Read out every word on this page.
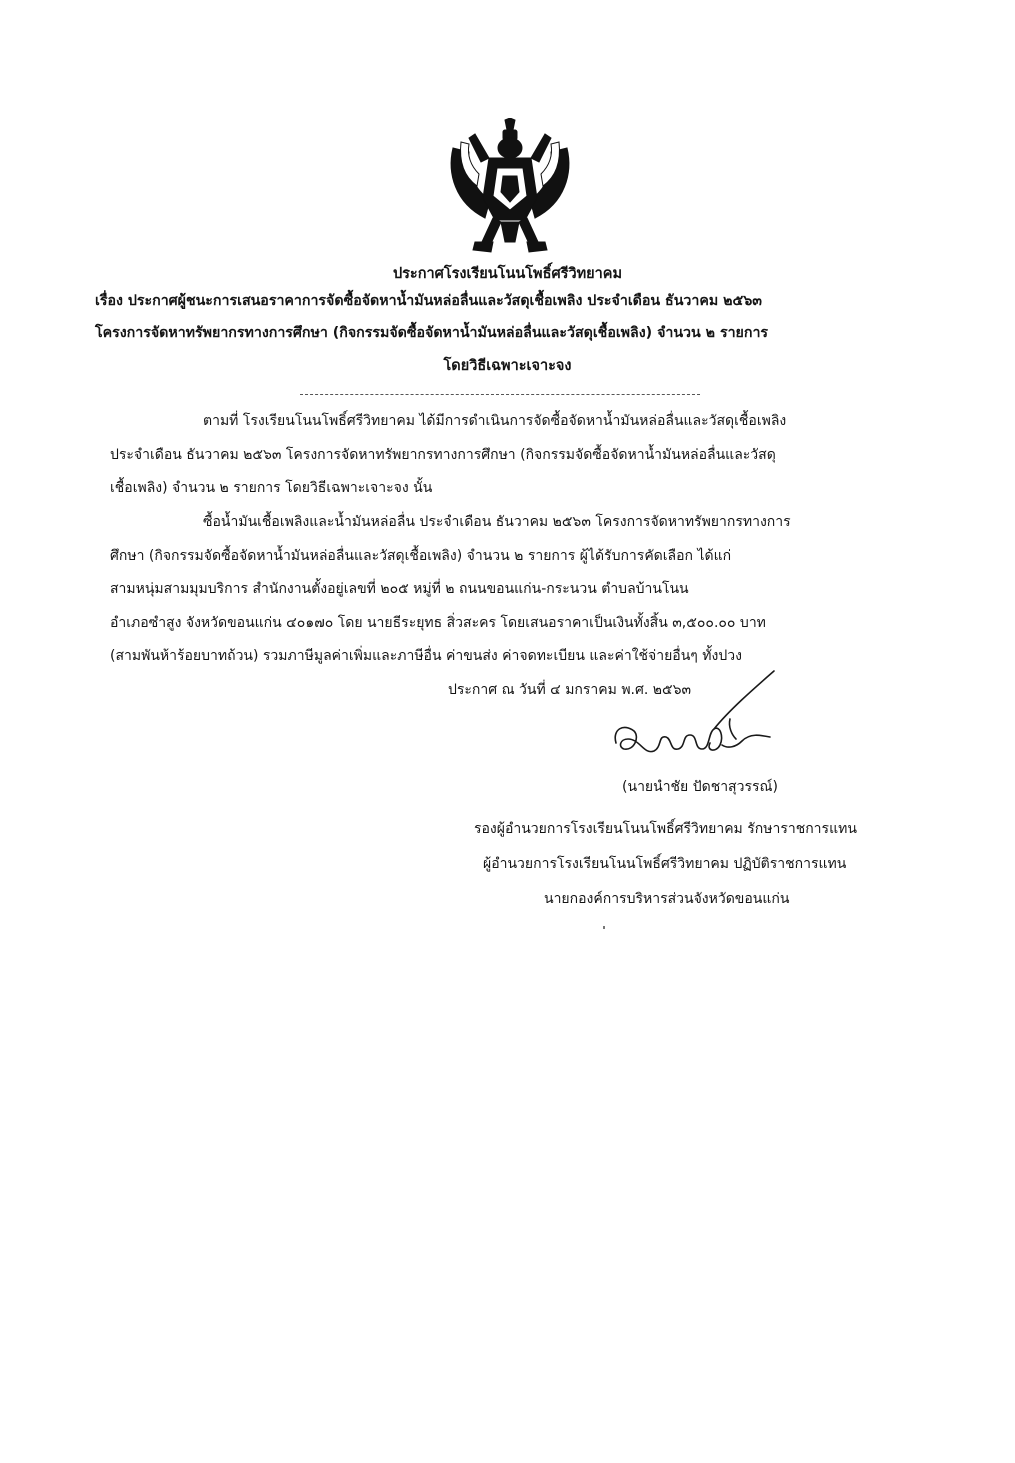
ประกาศโรงเรียนโนนโพธิ์ศรีวิทยาคม
เรื่อง ประกาศผู้ชนะการเสนอราคาการจัดซื้อจัดหาน้ำมันหล่อลื่นและวัสดุเชื้อเพลิง ประจำเดือน ธันวาคม ๒๕๖๓
โครงการจัดหาทรัพยากรทางการศึกษา (กิจกรรมจัดซื้อจัดหาน้ำมันหล่อลื่นและวัสดุเชื้อเพลิง) จำนวน ๒ รายการ
โดยวิธีเฉพาะเจาะจง
ตามที่ โรงเรียนโนนโพธิ์ศรีวิทยาคม ได้มีการดำเนินการจัดซื้อจัดหาน้ำมันหล่อลื่นและวัสดุเชื้อเพลิง
ประจำเดือน ธันวาคม ๒๕๖๓ โครงการจัดหาทรัพยากรทางการศึกษา (กิจกรรมจัดซื้อจัดหาน้ำมันหล่อลื่นและวัสดุ
เชื้อเพลิง) จำนวน ๒ รายการ โดยวิธีเฉพาะเจาะจง นั้น
ซื้อน้ำมันเชื้อเพลิงและน้ำมันหล่อลื่น ประจำเดือน ธันวาคม ๒๕๖๓ โครงการจัดหาทรัพยากรทางการ
ศึกษา (กิจกรรมจัดซื้อจัดหาน้ำมันหล่อลื่นและวัสดุเชื้อเพลิง) จำนวน ๒ รายการ ผู้ได้รับการคัดเลือก ได้แก่
สามหนุ่มสามมุมบริการ สำนักงานตั้งอยู่เลขที่ ๒๐๕ หมู่ที่ ๒ ถนนขอนแก่น-กระนวน ตำบลบ้านโนน
อำเภอซำสูง จังหวัดขอนแก่น ๔๐๑๗๐ โดย นายธีระยุทธ สิ่วสะคร โดยเสนอราคาเป็นเงินทั้งสิ้น ๓,๕๐๐.๐๐ บาท
(สามพันห้าร้อยบาทถ้วน) รวมภาษีมูลค่าเพิ่มและภาษีอื่น ค่าขนส่ง ค่าจดทะเบียน และค่าใช้จ่ายอื่นๆ ทั้งปวง
ประกาศ ณ วันที่ ๔ มกราคม พ.ศ. ๒๕๖๓
(นายนำชัย ปัดชาสุวรรณ์)
รองผู้อำนวยการโรงเรียนโนนโพธิ์ศรีวิทยาคม รักษาราชการแทน
ผู้อำนวยการโรงเรียนโนนโพธิ์ศรีวิทยาคม ปฏิบัติราชการแทน
นายกองค์การบริหารส่วนจังหวัดขอนแก่น
